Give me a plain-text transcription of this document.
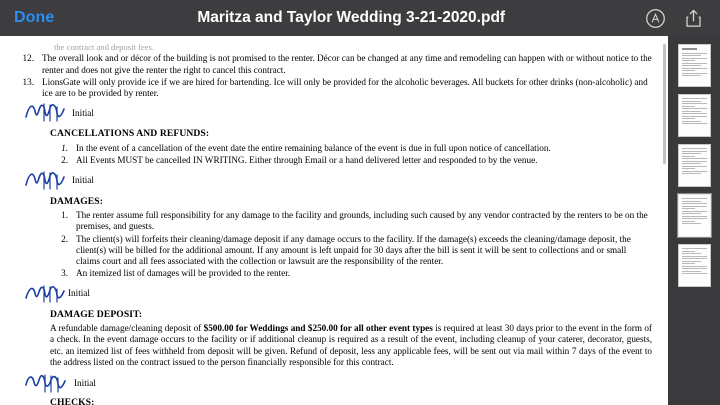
Done	Maritza and Taylor Wedding 3-21-2020.pdf
the contract and deposit fees.
12. The overall look and or décor of the building is not promised to the renter. Décor can be changed at any time and remodeling can happen with or without notice to the renter and does not give the renter the right to cancel this contract.
13. LionsGate will only provide ice if we are hired for bartending. Ice will only be provided for the alcoholic beverages. All buckets for other drinks (non-alcoholic) and ice are to be provided by renter.
Initial
CANCELLATIONS AND REFUNDS:
1. In the event of a cancellation of the event date the entire remaining balance of the event is due in full upon notice of cancellation.
2. All Events MUST be cancelled IN WRITING. Either through Email or a hand delivered letter and responded to by the venue.
Initial
DAMAGES:
1. The renter assume full responsibility for any damage to the facility and grounds, including such caused by any vendor contracted by the renters to be on the premises, and guests.
2. The client(s) will forfeits their cleaning/damage deposit if any damage occurs to the facility. If the damage(s) exceeds the cleaning/damage deposit, the client(s) will be billed for the additional amount. If any amount is left unpaid for 30 days after the bill is sent it will be sent to collections and or small claims court and all fees associated with the collection or lawsuit are the responsibility of the renter.
3. An itemized list of damages will be provided to the renter.
Initial
DAMAGE DEPOSIT:

A refundable damage/cleaning deposit of $500.00 for Weddings and $250.00 for all other event types is required at least 30 days prior to the event in the form of a check. In the event damage occurs to the facility or if additional cleanup is required as a result of the event, including cleanup of your caterer, decorator, guests, etc. an itemized list of fees withheld from deposit will be given. Refund of deposit, less any applicable fees, will be sent out via mail within 7 days of the event to the address listed on the contract issued to the person financially responsible for this contract.

Initial
CHECKS:
